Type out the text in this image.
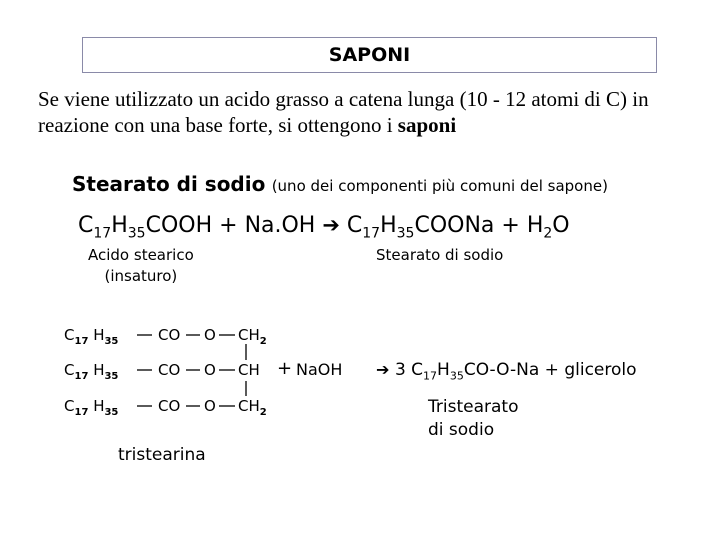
SAPONI
Se viene utilizzato un acido grasso a catena lunga (10 - 12 atomi di C) in reazione con una base forte, si ottengono i saponi
Stearato di sodio (uno dei componenti più comuni del sapone)
$C_{17}H_{35}COOH + Na.OH$ ➔ $C_{17}H_{35}COONa + H_2O$
Acido stearico
(insaturo)
Stearato di sodio
$C_{17}$ $H_{35}$
$C_{17}$ $H_{35}$
$C_{17}$ $H_{35}$
CO
CO
CO
O
O
O
$CH_2$
CH
$CH_2$
+ NaOH ➔ 3 $C_{17}H_{35}CO-O-Na$ + glicerolo
Tristearato
di sodio
tristearina
